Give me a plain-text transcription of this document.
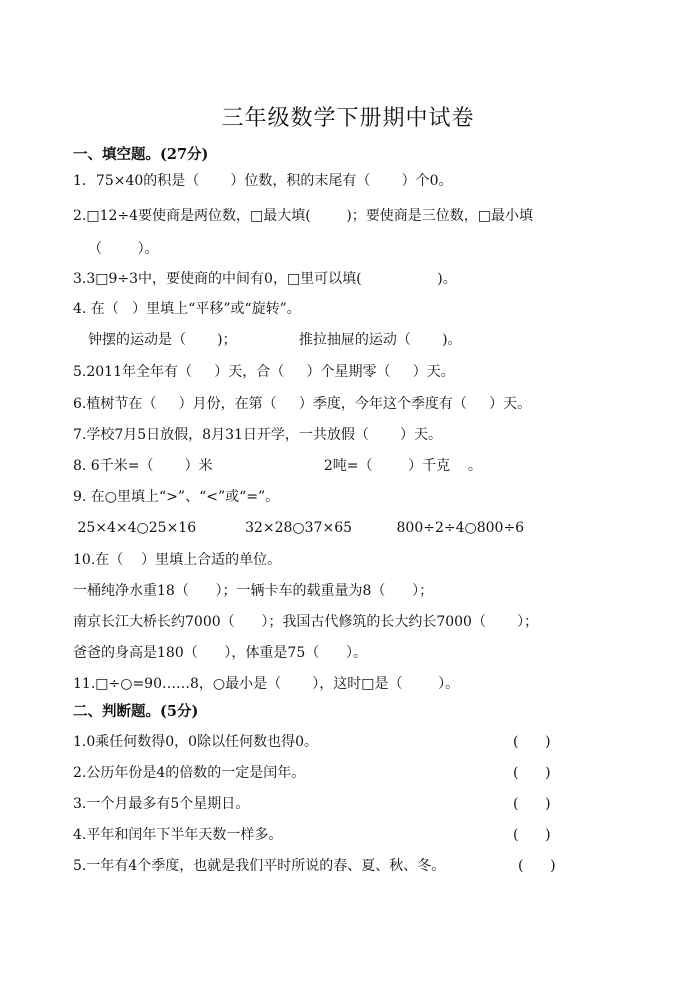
三年级数学下册期中试卷
一、填空题。(27分)
1．75×40的积是（       ）位数，积的末尾有（       ）个0。
2.□12÷4要使商是两位数，□最大填(        )；要使商是三位数，□最小填
（        ）。
3.3□9÷3中，要使商的中间有0，□里可以填(                 )。
4. 在（   ）里填上“平移”或“旋转”。
钟摆的运动是（       )；              推拉抽屉的运动（       )。
5.2011年全年有（     ）天，合（     ）个星期零（     ）天。
6.植树节在（     ）月份，在第（     ）季度，今年这个季度有（     ）天。
7.学校7月5日放假，8月31日开学，一共放假（       ）天。
8. 6千米=（       ）米                         2吨=（        ）千克    。
9. 在○里填上“>”、“<”或“=”。
25×4×4○25×16           32×28○37×65          800÷2÷4○800÷6
10.在（    ）里填上合适的单位。
一桶纯净水重18（      ）；一辆卡车的载重量为8（      ）；
南京长江大桥长约7000（      ）；我国古代修筑的长大约长7000（       ）；
爸爸的身高是180（      ），体重是75（      ）。
11.□÷○=90……8，○最小是（       ），这时□是（        ）。
二、判断题。(5分)
1.0乘任何数得0，0除以任何数也得0。	(      )
2.公历年份是4的倍数的一定是闰年。	(      )
3.一个月最多有5个星期日。	(      )
4.平年和闰年下半年天数一样多。	(      )
5.一年有4个季度，也就是我们平时所说的春、夏、秋、冬。	(      )
